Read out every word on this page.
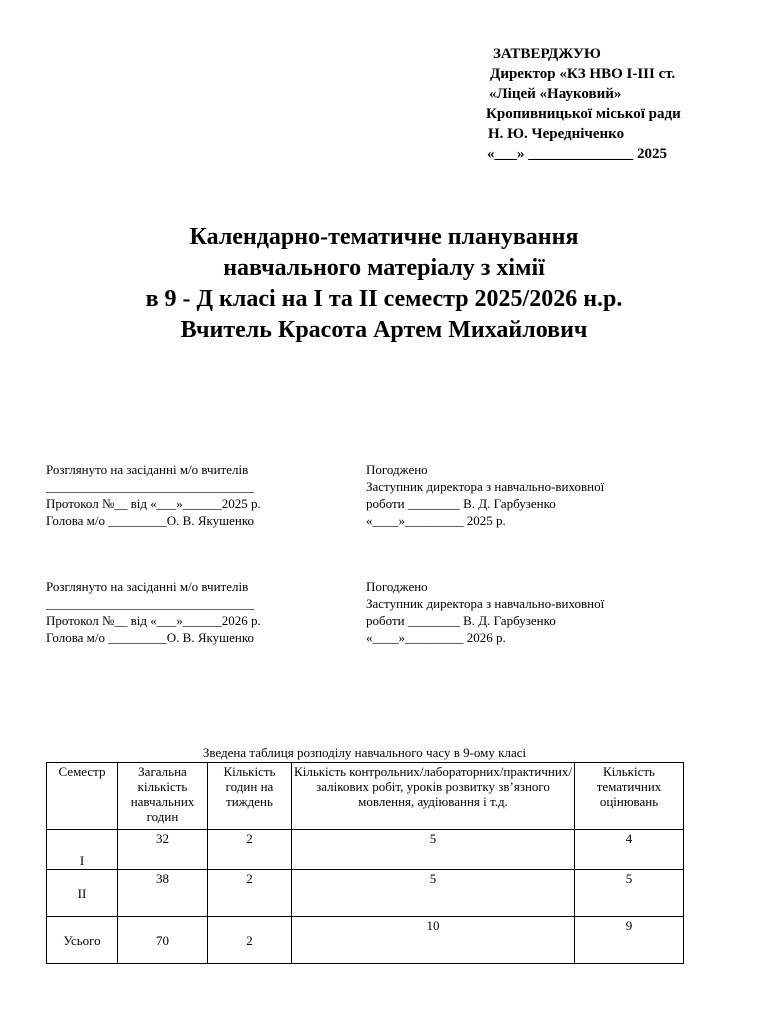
ЗАТВЕРДЖУЮ
Директор «КЗ НВО І-ІІІ ст.
«Ліцей «Науковий»
Кропивницької міської ради
Н. Ю. Чередніченко
«___» ______________ 2025
Календарно-тематичне планування
навчального матеріалу з хімії
в 9 - Д класі на I та II семестр 2025/2026 н.р.
Вчитель Красота Артем Михайлович
Розглянуто на засіданні м/о вчителів
________________________________
Протокол №__ від «___»______2025 р.
Голова м/о _________О. В. Якушенко
Погоджено
Заступник директора з навчально-виховної
роботи ________ В. Д. Гарбузенко
«____»_________ 2025 р.
Розглянуто на засіданні м/о вчителів
________________________________
Протокол №__ від «___»______2026 р.
Голова м/о _________О. В. Якушенко
Погоджено
Заступник директора з навчально-виховної
роботи ________ В. Д. Гарбузенко
«____»_________ 2026 р.
Зведена таблиця розподілу навчального часу в 9-ому класі
Семестр	Загальна кількість навчальних годин	Кількість годин на тиждень	Кількість контрольних/лабораторних/практичних/ залікових робіт, уроків розвитку зв’язного мовлення, аудіювання і т.д.	Кількість тематичних оцінювань
I	32	2	5	4
II	38	2	5	5
Усього	70	2	10	9
